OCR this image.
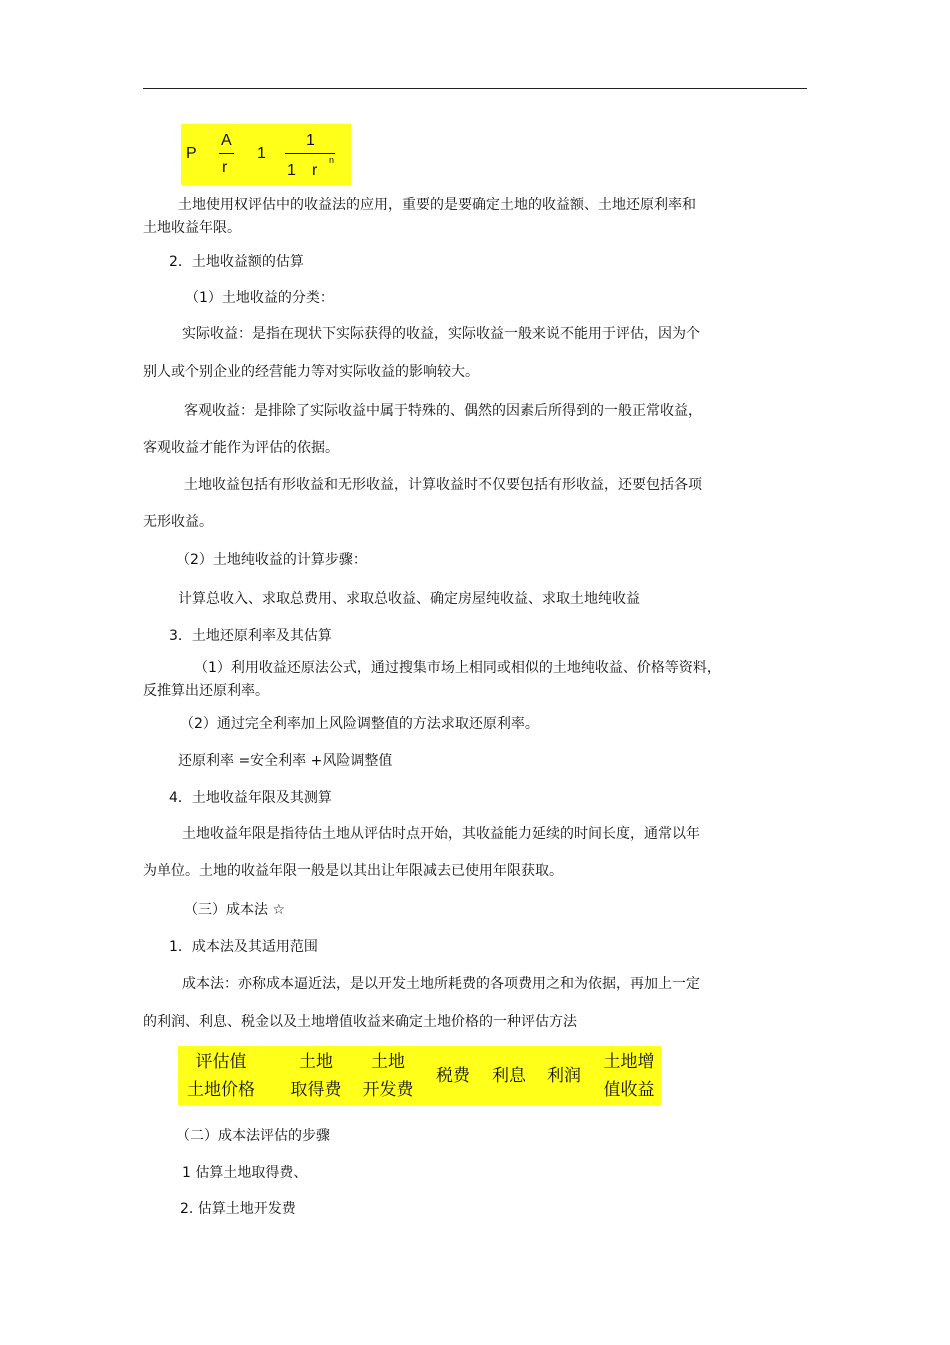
P
A
r
1
1
1 r
n
土地使用权评估中的收益法的应用，重要的是要确定土地的收益额、土地还原利率和
土地收益年限。
2．土地收益额的估算
（1）土地收益的分类：
实际收益：是指在现状下实际获得的收益，实际收益一般来说不能用于评估，因为个
别人或个别企业的经营能力等对实际收益的影响较大。
客观收益：是排除了实际收益中属于特殊的、偶然的因素后所得到的一般正常收益，
客观收益才能作为评估的依据。
土地收益包括有形收益和无形收益，计算收益时不仅要包括有形收益，还要包括各项
无形收益。
（2）土地纯收益的计算步骤：
计算总收入、求取总费用、求取总收益、确定房屋纯收益、求取土地纯收益
3．土地还原利率及其估算
（1）利用收益还原法公式，通过搜集市场上相同或相似的土地纯收益、价格等资料，
反推算出还原利率。
（2）通过完全利率加上风险调整值的方法求取还原利率。
还原利率 =安全利率 +风险调整值
4．土地收益年限及其测算
土地收益年限是指待估土地从评估时点开始，其收益能力延续的时间长度，通常以年
为单位。土地的收益年限一般是以其出让年限减去已使用年限获取。
（三）成本法 ☆
1．成本法及其适用范围
成本法：亦称成本逼近法，是以开发土地所耗费的各项费用之和为依据，再加上一定
的利润、利息、税金以及土地增值收益来确定土地价格的一种评估方法
评估值
土地价格
土地
取得费
土地
开发费
税费	利息	利润
土地增
值收益
（二）成本法评估的步骤
1 估算土地取得费、
2. 估算土地开发费
